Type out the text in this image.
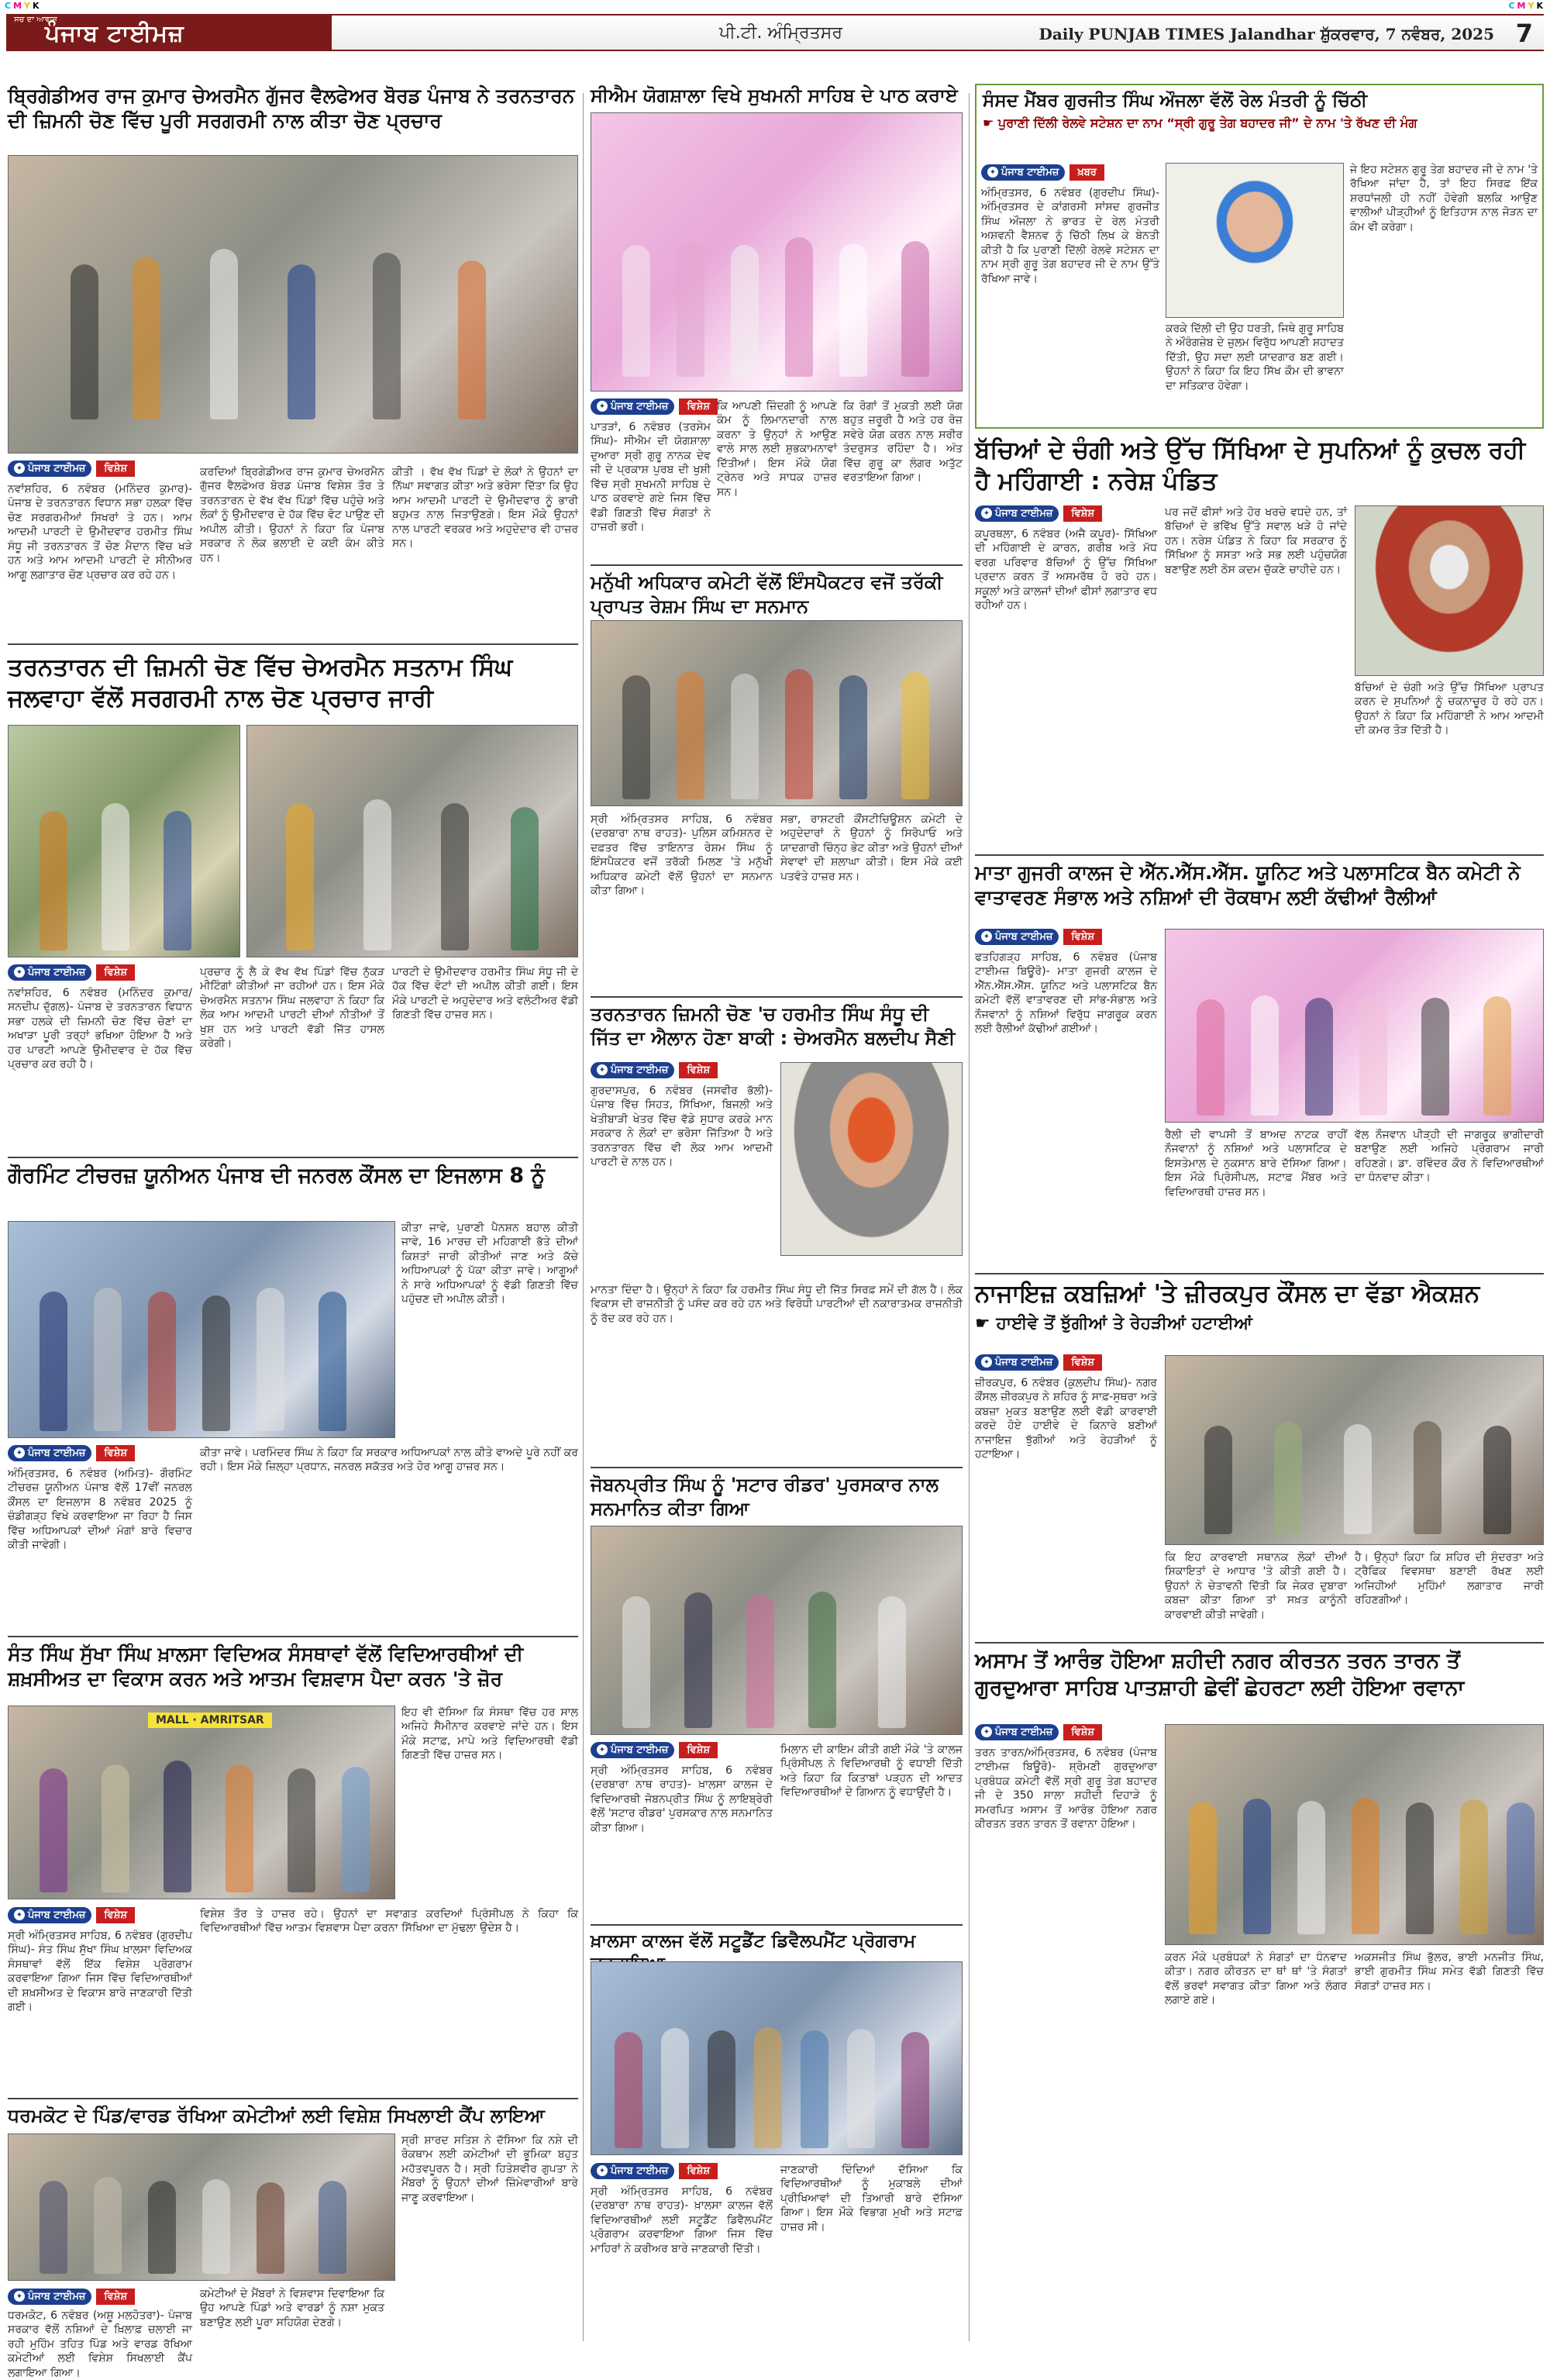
CMYK	CMYK
ਸਚ ਦਾ ਆਵਾਜ਼
ਪੰਜਾਬ ਟਾਈਮਜ਼	ਪੀ.ਟੀ. ਅੰਮ੍ਰਿਤਸਰ	Daily PUNJAB TIMES Jalandhar ਸ਼ੁੱਕਰਵਾਰ, 7 ਨਵੰਬਰ, 2025 7
ਬ੍ਰਿਗੇਡੀਅਰ ਰਾਜ ਕੁਮਾਰ ਚੇਅਰਮੈਨ ਗੁੱਜਰ ਵੈਲਫੇਅਰ ਬੋਰਡ ਪੰਜਾਬ ਨੇ ਤਰਨਤਾਰਨ ਦੀ ਜ਼ਿਮਨੀ ਚੋਣ ਵਿੱਚ ਪੂਰੀ ਸਰਗਰਮੀ ਨਾਲ ਕੀਤਾ ਚੋਣ ਪ੍ਰਚਾਰ
✦ ਪੰਜਾਬ ਟਾਈਮਜ਼	ਵਿਸ਼ੇਸ਼
ਨਵਾਂਸ਼ਹਿਰ, 6 ਨਵੰਬਰ (ਮਨਿੰਦਰ ਕੁਮਾਰ)- ਪੰਜਾਬ ਦੇ ਤਰਨਤਾਰਨ ਵਿਧਾਨ ਸਭਾ ਹਲਕਾ ਵਿੱਚ ਚੋਣ ਸਰਗਰਮੀਆਂ ਸਿਖਰਾਂ ਤੇ ਹਨ। ਆਮ ਆਦਮੀ ਪਾਰਟੀ ਦੇ ਉਮੀਦਵਾਰ ਹਰਮੀਤ ਸਿੰਘ ਸੰਧੂ ਜੀ ਤਰਨਤਾਰਨ ਤੋਂ ਚੋਣ ਮੈਦਾਨ ਵਿੱਚ ਖੜੇ ਹਨ ਅਤੇ ਆਮ ਆਦਮੀ ਪਾਰਟੀ ਦੇ ਸੀਨੀਅਰ ਆਗੂ ਲਗਾਤਾਰ ਚੋਣ ਪ੍ਰਚਾਰ ਕਰ ਰਹੇ ਹਨ।
ਕਰਦਿਆਂ ਬ੍ਰਿਗੇਡੀਅਰ ਰਾਜ ਕੁਮਾਰ ਚੇਅਰਮੈਨ ਗੁੱਜਰ ਵੈਲਫੇਅਰ ਬੋਰਡ ਪੰਜਾਬ ਵਿਸ਼ੇਸ਼ ਤੌਰ ਤੇ ਤਰਨਤਾਰਨ ਦੇ ਵੱਖ ਵੱਖ ਪਿੰਡਾਂ ਵਿੱਚ ਪਹੁੰਚੇ ਅਤੇ ਲੋਕਾਂ ਨੂੰ ਉਮੀਦਵਾਰ ਦੇ ਹੱਕ ਵਿੱਚ ਵੋਟ ਪਾਉਣ ਦੀ ਅਪੀਲ ਕੀਤੀ। ਉਹਨਾਂ ਨੇ ਕਿਹਾ ਕਿ ਪੰਜਾਬ ਸਰਕਾਰ ਨੇ ਲੋਕ ਭਲਾਈ ਦੇ ਕਈ ਕੰਮ ਕੀਤੇ ਹਨ।
ਕੀਤੀ । ਵੱਖ ਵੱਖ ਪਿੰਡਾਂ ਦੇ ਲੋਕਾਂ ਨੇ ਉਹਨਾਂ ਦਾ ਨਿੱਘਾ ਸਵਾਗਤ ਕੀਤਾ ਅਤੇ ਭਰੋਸਾ ਦਿੱਤਾ ਕਿ ਉਹ ਆਮ ਆਦਮੀ ਪਾਰਟੀ ਦੇ ਉਮੀਦਵਾਰ ਨੂੰ ਭਾਰੀ ਬਹੁਮਤ ਨਾਲ ਜਿਤਾਉਣਗੇ। ਇਸ ਮੌਕੇ ਉਹਨਾਂ ਨਾਲ ਪਾਰਟੀ ਵਰਕਰ ਅਤੇ ਅਹੁਦੇਦਾਰ ਵੀ ਹਾਜ਼ਰ ਸਨ।
ਤਰਨਤਾਰਨ ਦੀ ਜ਼ਿਮਨੀ ਚੋਣ ਵਿੱਚ ਚੇਅਰਮੈਨ ਸਤਨਾਮ ਸਿੰਘ ਜਲਵਾਹਾ ਵੱਲੋਂ ਸਰਗਰਮੀ ਨਾਲ ਚੋਣ ਪ੍ਰਚਾਰ ਜਾਰੀ
✦ ਪੰਜਾਬ ਟਾਈਮਜ਼	ਵਿਸ਼ੇਸ਼
ਨਵਾਂਸ਼ਹਿਰ, 6 ਨਵੰਬਰ (ਮਨਿੰਦਰ ਕੁਮਾਰ/ਸਨਦੀਪ ਦੁੱਗਲ)- ਪੰਜਾਬ ਦੇ ਤਰਨਤਾਰਨ ਵਿਧਾਨ ਸਭਾ ਹਲਕੇ ਦੀ ਜ਼ਿਮਨੀ ਚੋਣ ਵਿੱਚ ਚੋਣਾਂ ਦਾ ਅਖਾੜਾ ਪੂਰੀ ਤਰ੍ਹਾਂ ਭਖਿਆ ਹੋਇਆ ਹੈ ਅਤੇ ਹਰ ਪਾਰਟੀ ਆਪਣੇ ਉਮੀਦਵਾਰ ਦੇ ਹੱਕ ਵਿੱਚ ਪ੍ਰਚਾਰ ਕਰ ਰਹੀ ਹੈ।
ਪ੍ਰਚਾਰ ਨੂੰ ਲੈ ਕੇ ਵੱਖ ਵੱਖ ਪਿੰਡਾਂ ਵਿੱਚ ਨੁੱਕੜ ਮੀਟਿੰਗਾਂ ਕੀਤੀਆਂ ਜਾ ਰਹੀਆਂ ਹਨ। ਇਸ ਮੌਕੇ ਚੇਅਰਮੈਨ ਸਤਨਾਮ ਸਿੰਘ ਜਲਵਾਹਾ ਨੇ ਕਿਹਾ ਕਿ ਲੋਕ ਆਮ ਆਦਮੀ ਪਾਰਟੀ ਦੀਆਂ ਨੀਤੀਆਂ ਤੋਂ ਖੁਸ਼ ਹਨ ਅਤੇ ਪਾਰਟੀ ਵੱਡੀ ਜਿੱਤ ਹਾਸਲ ਕਰੇਗੀ।
ਪਾਰਟੀ ਦੇ ਉਮੀਦਵਾਰ ਹਰਮੀਤ ਸਿੰਘ ਸੰਧੂ ਜੀ ਦੇ ਹੱਕ ਵਿੱਚ ਵੋਟਾਂ ਦੀ ਅਪੀਲ ਕੀਤੀ ਗਈ। ਇਸ ਮੌਕੇ ਪਾਰਟੀ ਦੇ ਅਹੁਦੇਦਾਰ ਅਤੇ ਵਲੰਟੀਅਰ ਵੱਡੀ ਗਿਣਤੀ ਵਿੱਚ ਹਾਜ਼ਰ ਸਨ।
ਗੌਰਮਿੰਟ ਟੀਚਰਜ਼ ਯੂਨੀਅਨ ਪੰਜਾਬ ਦੀ ਜਨਰਲ ਕੌਂਸਲ ਦਾ ਇਜਲਾਸ 8 ਨੂੰ
ਕੀਤਾ ਜਾਵੇ, ਪੁਰਾਣੀ ਪੈਨਸ਼ਨ ਬਹਾਲ ਕੀਤੀ ਜਾਵੇ, 16 ਮਾਰਚ ਦੀ ਮਹਿਗਾਈ ਭੱਤੇ ਦੀਆਂ ਕਿਸ਼ਤਾਂ ਜਾਰੀ ਕੀਤੀਆਂ ਜਾਣ ਅਤੇ ਕੱਚੇ ਅਧਿਆਪਕਾਂ ਨੂੰ ਪੱਕਾ ਕੀਤਾ ਜਾਵੇ। ਆਗੂਆਂ ਨੇ ਸਾਰੇ ਅਧਿਆਪਕਾਂ ਨੂੰ ਵੱਡੀ ਗਿਣਤੀ ਵਿੱਚ ਪਹੁੰਚਣ ਦੀ ਅਪੀਲ ਕੀਤੀ।
✦ ਪੰਜਾਬ ਟਾਈਮਜ਼	ਵਿਸ਼ੇਸ਼
ਅੰਮ੍ਰਿਤਸਰ, 6 ਨਵੰਬਰ (ਅਮਿਤ)- ਗੌਰਮਿੰਟ ਟੀਚਰਜ਼ ਯੂਨੀਅਨ ਪੰਜਾਬ ਵੱਲੋਂ 17ਵੀਂ ਜਨਰਲ ਕੌਂਸਲ ਦਾ ਇਜਲਾਸ 8 ਨਵੰਬਰ 2025 ਨੂੰ ਚੰਡੀਗੜ੍ਹ ਵਿਖੇ ਕਰਵਾਇਆ ਜਾ ਰਿਹਾ ਹੈ ਜਿਸ ਵਿੱਚ ਅਧਿਆਪਕਾਂ ਦੀਆਂ ਮੰਗਾਂ ਬਾਰੇ ਵਿਚਾਰ ਕੀਤੀ ਜਾਵੇਗੀ।
ਕੀਤਾ ਜਾਵੇ। ਪਰਮਿੰਦਰ ਸਿੰਘ ਨੇ ਕਿਹਾ ਕਿ ਸਰਕਾਰ ਅਧਿਆਪਕਾਂ ਨਾਲ ਕੀਤੇ ਵਾਅਦੇ ਪੂਰੇ ਨਹੀਂ ਕਰ ਰਹੀ। ਇਸ ਮੌਕੇ ਜ਼ਿਲ੍ਹਾ ਪ੍ਰਧਾਨ, ਜਨਰਲ ਸਕੱਤਰ ਅਤੇ ਹੋਰ ਆਗੂ ਹਾਜ਼ਰ ਸਨ।
ਸੰਤ ਸਿੰਘ ਸੁੱਖਾ ਸਿੰਘ ਖ਼ਾਲਸਾ ਵਿਦਿਅਕ ਸੰਸਥਾਵਾਂ ਵੱਲੋਂ ਵਿਦਿਆਰਥੀਆਂ ਦੀ ਸ਼ਖ਼ਸੀਅਤ ਦਾ ਵਿਕਾਸ ਕਰਨ ਅਤੇ ਆਤਮ ਵਿਸ਼ਵਾਸ ਪੈਦਾ ਕਰਨ 'ਤੇ ਜ਼ੋਰ
MALL · AMRITSAR
ਇਹ ਵੀ ਦੱਸਿਆ ਕਿ ਸੰਸਥਾ ਵਿੱਚ ਹਰ ਸਾਲ ਅਜਿਹੇ ਸੈਮੀਨਾਰ ਕਰਵਾਏ ਜਾਂਦੇ ਹਨ। ਇਸ ਮੌਕੇ ਸਟਾਫ਼, ਮਾਪੇ ਅਤੇ ਵਿਦਿਆਰਥੀ ਵੱਡੀ ਗਿਣਤੀ ਵਿੱਚ ਹਾਜ਼ਰ ਸਨ।
✦ ਪੰਜਾਬ ਟਾਈਮਜ਼	ਵਿਸ਼ੇਸ਼
ਸ੍ਰੀ ਅੰਮ੍ਰਿਤਸਰ ਸਾਹਿਬ, 6 ਨਵੰਬਰ (ਗੁਰਦੀਪ ਸਿੰਘ)- ਸੰਤ ਸਿੰਘ ਸੁੱਖਾ ਸਿੰਘ ਖ਼ਾਲਸਾ ਵਿਦਿਅਕ ਸੰਸਥਾਵਾਂ ਵੱਲੋਂ ਇੱਕ ਵਿਸ਼ੇਸ਼ ਪ੍ਰੋਗਰਾਮ ਕਰਵਾਇਆ ਗਿਆ ਜਿਸ ਵਿੱਚ ਵਿਦਿਆਰਥੀਆਂ ਦੀ ਸ਼ਖ਼ਸੀਅਤ ਦੇ ਵਿਕਾਸ ਬਾਰੇ ਜਾਣਕਾਰੀ ਦਿੱਤੀ ਗਈ।
ਵਿਸ਼ੇਸ਼ ਤੌਰ ਤੇ ਹਾਜ਼ਰ ਰਹੇ। ਉਹਨਾਂ ਦਾ ਸਵਾਗਤ ਕਰਦਿਆਂ ਪ੍ਰਿੰਸੀਪਲ ਨੇ ਕਿਹਾ ਕਿ ਵਿਦਿਆਰਥੀਆਂ ਵਿੱਚ ਆਤਮ ਵਿਸ਼ਵਾਸ ਪੈਦਾ ਕਰਨਾ ਸਿੱਖਿਆ ਦਾ ਮੁੱਢਲਾ ਉਦੇਸ਼ ਹੈ।
ਧਰਮਕੋਟ ਦੇ ਪਿੰਡ/ਵਾਰਡ ਰੱਖਿਆ ਕਮੇਟੀਆਂ ਲਈ ਵਿਸ਼ੇਸ਼ ਸਿਖਲਾਈ ਕੈਂਪ ਲਾਇਆ
ਸ੍ਰੀ ਸ਼ਾਰਦ ਸਤਿਸ਼ ਨੇ ਦੱਸਿਆ ਕਿ ਨਸ਼ੇ ਦੀ ਰੋਕਥਾਮ ਲਈ ਕਮੇਟੀਆਂ ਦੀ ਭੂਮਿਕਾ ਬਹੁਤ ਮਹੱਤਵਪੂਰਨ ਹੈ। ਸ੍ਰੀ ਹਿਤੇਸ਼ਵੀਰ ਗੁਪਤਾ ਨੇ ਮੈਂਬਰਾਂ ਨੂੰ ਉਹਨਾਂ ਦੀਆਂ ਜ਼ਿੰਮੇਵਾਰੀਆਂ ਬਾਰੇ ਜਾਣੂ ਕਰਵਾਇਆ।
✦ ਪੰਜਾਬ ਟਾਈਮਜ਼	ਵਿਸ਼ੇਸ਼
ਧਰਮਕੋਟ, 6 ਨਵੰਬਰ (ਅਸ਼ੂ ਮਲਹੋਤਰਾ)- ਪੰਜਾਬ ਸਰਕਾਰ ਵੱਲੋਂ ਨਸ਼ਿਆਂ ਦੇ ਖ਼ਿਲਾਫ਼ ਚਲਾਈ ਜਾ ਰਹੀ ਮੁਹਿੰਮ ਤਹਿਤ ਪਿੰਡ ਅਤੇ ਵਾਰਡ ਰੱਖਿਆ ਕਮੇਟੀਆਂ ਲਈ ਵਿਸ਼ੇਸ਼ ਸਿਖਲਾਈ ਕੈਂਪ ਲਗਾਇਆ ਗਿਆ।
ਕਮੇਟੀਆਂ ਦੇ ਮੈਂਬਰਾਂ ਨੇ ਵਿਸ਼ਵਾਸ ਦਿਵਾਇਆ ਕਿ ਉਹ ਆਪਣੇ ਪਿੰਡਾਂ ਅਤੇ ਵਾਰਡਾਂ ਨੂੰ ਨਸ਼ਾ ਮੁਕਤ ਬਣਾਉਣ ਲਈ ਪੂਰਾ ਸਹਿਯੋਗ ਦੇਣਗੇ।
ਸੀਐਮ ਯੋਗਸ਼ਾਲਾ ਵਿਖੇ ਸੁਖਮਨੀ ਸਾਹਿਬ ਦੇ ਪਾਠ ਕਰਾਏ
✦ ਪੰਜਾਬ ਟਾਈਮਜ਼	ਵਿਸ਼ੇਸ਼
ਪਾਤੜਾਂ, 6 ਨਵੰਬਰ (ਤਰਸੇਮ ਸਿੰਘ)- ਸੀਐਮ ਦੀ ਯੋਗਸ਼ਾਲਾ ਦੁਆਰਾ ਸ੍ਰੀ ਗੁਰੂ ਨਾਨਕ ਦੇਵ ਜੀ ਦੇ ਪ੍ਰਕਾਸ਼ ਪੁਰਬ ਦੀ ਖੁਸ਼ੀ ਵਿੱਚ ਸ੍ਰੀ ਸੁਖਮਨੀ ਸਾਹਿਬ ਦੇ ਪਾਠ ਕਰਵਾਏ ਗਏ ਜਿਸ ਵਿੱਚ ਵੱਡੀ ਗਿਣਤੀ ਵਿੱਚ ਸੰਗਤਾਂ ਨੇ ਹਾਜ਼ਰੀ ਭਰੀ।
ਕਿ ਆਪਣੀ ਜ਼ਿੰਦਗੀ ਨੂੰ ਆਪਣੇ ਕੰਮ ਨੂੰ ਲਿਮਾਨਦਾਰੀ ਨਾਲ ਕਰਨਾ ਤੇ ਉਨ੍ਹਾਂ ਨੇ ਆਉਣ ਵਾਲੇ ਸਾਲ ਲਈ ਸ਼ੁਭਕਾਮਨਾਵਾਂ ਦਿੱਤੀਆਂ। ਇਸ ਮੌਕੇ ਯੋਗ ਟ੍ਰੇਨਰ ਅਤੇ ਸਾਧਕ ਹਾਜ਼ਰ ਸਨ।
ਕਿ ਰੋਗਾਂ ਤੋਂ ਮੁਕਤੀ ਲਈ ਯੋਗ ਬਹੁਤ ਜ਼ਰੂਰੀ ਹੈ ਅਤੇ ਹਰ ਰੋਜ਼ ਸਵੇਰੇ ਯੋਗ ਕਰਨ ਨਾਲ ਸਰੀਰ ਤੰਦਰੁਸਤ ਰਹਿੰਦਾ ਹੈ। ਅੰਤ ਵਿੱਚ ਗੁਰੂ ਕਾ ਲੰਗਰ ਅਤੁੱਟ ਵਰਤਾਇਆ ਗਿਆ।
ਮਨੁੱਖੀ ਅਧਿਕਾਰ ਕਮੇਟੀ ਵੱਲੋਂ ਇੰਸਪੈਕਟਰ ਵਜੋਂ ਤਰੱਕੀ ਪ੍ਰਾਪਤ ਰੇਸ਼ਮ ਸਿੰਘ ਦਾ ਸਨਮਾਨ
ਸ੍ਰੀ ਅੰਮ੍ਰਿਤਸਰ ਸਾਹਿਬ, 6 ਨਵੰਬਰ (ਦਰਬਾਰਾ ਨਾਥ ਰਾਹਤ)- ਪੁਲਿਸ ਕਮਿਸ਼ਨਰ ਦੇ ਦਫ਼ਤਰ ਵਿੱਚ ਤਾਇਨਾਤ ਰੇਸ਼ਮ ਸਿੰਘ ਨੂੰ ਇੰਸਪੈਕਟਰ ਵਜੋਂ ਤਰੱਕੀ ਮਿਲਣ 'ਤੇ ਮਨੁੱਖੀ ਅਧਿਕਾਰ ਕਮੇਟੀ ਵੱਲੋਂ ਉਹਨਾਂ ਦਾ ਸਨਮਾਨ ਕੀਤਾ ਗਿਆ।
ਸਭਾ, ਰਾਸ਼ਟਰੀ ਕੌਂਸਟੀਚਿਊਸ਼ਨ ਕਮੇਟੀ ਦੇ ਅਹੁਦੇਦਾਰਾਂ ਨੇ ਉਹਨਾਂ ਨੂੰ ਸਿਰੋਪਾਓ ਅਤੇ ਯਾਦਗਾਰੀ ਚਿੰਨ੍ਹ ਭੇਟ ਕੀਤਾ ਅਤੇ ਉਹਨਾਂ ਦੀਆਂ ਸੇਵਾਵਾਂ ਦੀ ਸ਼ਲਾਘਾ ਕੀਤੀ। ਇਸ ਮੌਕੇ ਕਈ ਪਤਵੰਤੇ ਹਾਜ਼ਰ ਸਨ।
ਤਰਨਤਾਰਨ ਜ਼ਿਮਨੀ ਚੋਣ 'ਚ ਹਰਮੀਤ ਸਿੰਘ ਸੰਧੂ ਦੀ ਜਿੱਤ ਦਾ ਐਲਾਨ ਹੋਣਾ ਬਾਕੀ : ਚੇਅਰਮੈਨ ਬਲਦੀਪ ਸੈਣੀ
✦ ਪੰਜਾਬ ਟਾਈਮਜ਼	ਵਿਸ਼ੇਸ਼
ਗੁਰਦਾਸਪੁਰ, 6 ਨਵੰਬਰ (ਜਸਵੀਰ ਭੱਲੀ)- ਪੰਜਾਬ ਵਿੱਚ ਸਿਹਤ, ਸਿੱਖਿਆ, ਬਿਜਲੀ ਅਤੇ ਖੇਤੀਬਾੜੀ ਖੇਤਰ ਵਿੱਚ ਵੱਡੇ ਸੁਧਾਰ ਕਰਕੇ ਮਾਨ ਸਰਕਾਰ ਨੇ ਲੋਕਾਂ ਦਾ ਭਰੋਸਾ ਜਿੱਤਿਆ ਹੈ ਅਤੇ ਤਰਨਤਾਰਨ ਵਿੱਚ ਵੀ ਲੋਕ ਆਮ ਆਦਮੀ ਪਾਰਟੀ ਦੇ ਨਾਲ ਹਨ।
ਮਾਨਤਾ ਦਿੰਦਾ ਹੈ। ਉਨ੍ਹਾਂ ਨੇ ਕਿਹਾ ਕਿ ਹਰਮੀਤ ਸਿੰਘ ਸੰਧੂ ਦੀ ਜਿੱਤ ਸਿਰਫ਼ ਸਮੇਂ ਦੀ ਗੱਲ ਹੈ। ਲੋਕ ਵਿਕਾਸ ਦੀ ਰਾਜਨੀਤੀ ਨੂੰ ਪਸੰਦ ਕਰ ਰਹੇ ਹਨ ਅਤੇ ਵਿਰੋਧੀ ਪਾਰਟੀਆਂ ਦੀ ਨਕਾਰਾਤਮਕ ਰਾਜਨੀਤੀ ਨੂੰ ਰੱਦ ਕਰ ਰਹੇ ਹਨ।
ਜੋਬਨਪ੍ਰੀਤ ਸਿੰਘ ਨੂੰ 'ਸਟਾਰ ਰੀਡਰ' ਪੁਰਸਕਾਰ ਨਾਲ ਸਨਮਾਨਿਤ ਕੀਤਾ ਗਿਆ
✦ ਪੰਜਾਬ ਟਾਈਮਜ਼	ਵਿਸ਼ੇਸ਼
ਸ੍ਰੀ ਅੰਮ੍ਰਿਤਸਰ ਸਾਹਿਬ, 6 ਨਵੰਬਰ (ਦਰਬਾਰਾ ਨਾਥ ਰਾਹਤ)- ਖ਼ਾਲਸਾ ਕਾਲਜ ਦੇ ਵਿਦਿਆਰਥੀ ਜੋਬਨਪ੍ਰੀਤ ਸਿੰਘ ਨੂੰ ਲਾਇਬ੍ਰੇਰੀ ਵੱਲੋਂ 'ਸਟਾਰ ਰੀਡਰ' ਪੁਰਸਕਾਰ ਨਾਲ ਸਨਮਾਨਿਤ ਕੀਤਾ ਗਿਆ।
ਮਿਲਾਨ ਦੀ ਕਾਇਮ ਕੀਤੀ ਗਈ ਮੌਕੇ 'ਤੇ ਕਾਲਜ ਪ੍ਰਿੰਸੀਪਲ ਨੇ ਵਿਦਿਆਰਥੀ ਨੂੰ ਵਧਾਈ ਦਿੱਤੀ ਅਤੇ ਕਿਹਾ ਕਿ ਕਿਤਾਬਾਂ ਪੜ੍ਹਨ ਦੀ ਆਦਤ ਵਿਦਿਆਰਥੀਆਂ ਦੇ ਗਿਆਨ ਨੂੰ ਵਧਾਉਂਦੀ ਹੈ।
ਖ਼ਾਲਸਾ ਕਾਲਜ ਵੱਲੋਂ ਸਟੂਡੈਂਟ ਡਿਵੈਲਪਮੈਂਟ ਪ੍ਰੋਗਰਾਮ
✦ ਪੰਜਾਬ ਟਾਈਮਜ਼	ਵਿਸ਼ੇਸ਼
ਸ੍ਰੀ ਅੰਮ੍ਰਿਤਸਰ ਸਾਹਿਬ, 6 ਨਵੰਬਰ (ਦਰਬਾਰਾ ਨਾਥ ਰਾਹਤ)- ਖ਼ਾਲਸਾ ਕਾਲਜ ਵੱਲੋਂ ਵਿਦਿਆਰਥੀਆਂ ਲਈ ਸਟੂਡੈਂਟ ਡਿਵੈਲਪਮੈਂਟ ਪ੍ਰੋਗਰਾਮ ਕਰਵਾਇਆ ਗਿਆ ਜਿਸ ਵਿੱਚ ਮਾਹਿਰਾਂ ਨੇ ਕਰੀਅਰ ਬਾਰੇ ਜਾਣਕਾਰੀ ਦਿੱਤੀ।
ਜਾਣਕਾਰੀ ਦਿੰਦਿਆਂ ਦੱਸਿਆ ਕਿ ਵਿਦਿਆਰਥੀਆਂ ਨੂੰ ਮੁਕਾਬਲੇ ਦੀਆਂ ਪ੍ਰੀਖਿਆਵਾਂ ਦੀ ਤਿਆਰੀ ਬਾਰੇ ਦੱਸਿਆ ਗਿਆ। ਇਸ ਮੌਕੇ ਵਿਭਾਗ ਮੁਖੀ ਅਤੇ ਸਟਾਫ਼ ਹਾਜ਼ਰ ਸੀ।
ਸੰਸਦ ਮੈਂਬਰ ਗੁਰਜੀਤ ਸਿੰਘ ਔਜਲਾ ਵੱਲੋਂ ਰੇਲ ਮੰਤਰੀ ਨੂੰ ਚਿੱਠੀ
☛ ਪੁਰਾਣੀ ਦਿੱਲੀ ਰੇਲਵੇ ਸਟੇਸ਼ਨ ਦਾ ਨਾਮ “ਸ੍ਰੀ ਗੁਰੂ ਤੇਗ ਬਹਾਦਰ ਜੀ” ਦੇ ਨਾਮ 'ਤੇ ਰੱਖਣ ਦੀ ਮੰਗ
✦ ਪੰਜਾਬ ਟਾਈਮਜ਼	ਖ਼ਬਰ
ਅੰਮ੍ਰਿਤਸਰ, 6 ਨਵੰਬਰ (ਗੁਰਦੀਪ ਸਿੰਘ)- ਅੰਮ੍ਰਿਤਸਰ ਦੇ ਕਾਂਗਰਸੀ ਸਾਂਸਦ ਗੁਰਜੀਤ ਸਿੰਘ ਔਜਲਾ ਨੇ ਭਾਰਤ ਦੇ ਰੇਲ ਮੰਤਰੀ ਅਸ਼ਵਨੀ ਵੈਸ਼ਨਵ ਨੂੰ ਚਿੱਠੀ ਲਿਖ ਕੇ ਬੇਨਤੀ ਕੀਤੀ ਹੈ ਕਿ ਪੁਰਾਣੀ ਦਿੱਲੀ ਰੇਲਵੇ ਸਟੇਸ਼ਨ ਦਾ ਨਾਮ ਸ੍ਰੀ ਗੁਰੂ ਤੇਗ ਬਹਾਦਰ ਜੀ ਦੇ ਨਾਮ ਉੱਤੇ ਰੱਖਿਆ ਜਾਵੇ।
ਕਰਕੇ ਦਿੱਲੀ ਦੀ ਉਹ ਧਰਤੀ, ਜਿਥੇ ਗੁਰੂ ਸਾਹਿਬ ਨੇ ਔਰੰਗਜ਼ੇਬ ਦੇ ਜ਼ੁਲਮ ਵਿਰੁੱਧ ਆਪਣੀ ਸ਼ਹਾਦਤ ਦਿੱਤੀ, ਉਹ ਸਦਾ ਲਈ ਯਾਦਗਾਰ ਬਣ ਗਈ। ਉਹਨਾਂ ਨੇ ਕਿਹਾ ਕਿ ਇਹ ਸਿੱਖ ਕੌਮ ਦੀ ਭਾਵਨਾ ਦਾ ਸਤਿਕਾਰ ਹੋਵੇਗਾ।
ਜੇ ਇਹ ਸਟੇਸ਼ਨ ਗੁਰੂ ਤੇਗ ਬਹਾਦਰ ਜੀ ਦੇ ਨਾਮ 'ਤੇ ਰੱਖਿਆ ਜਾਂਦਾ ਹੈ, ਤਾਂ ਇਹ ਸਿਰਫ਼ ਇੱਕ ਸ਼ਰਧਾਂਜਲੀ ਹੀ ਨਹੀਂ ਹੋਵੇਗੀ ਬਲਕਿ ਆਉਣ ਵਾਲੀਆਂ ਪੀੜ੍ਹੀਆਂ ਨੂੰ ਇਤਿਹਾਸ ਨਾਲ ਜੋੜਨ ਦਾ ਕੰਮ ਵੀ ਕਰੇਗਾ।
ਬੱਚਿਆਂ ਦੇ ਚੰਗੀ ਅਤੇ ਉੱਚ ਸਿੱਖਿਆ ਦੇ ਸੁਪਨਿਆਂ ਨੂੰ ਕੁਚਲ ਰਹੀ ਹੈ ਮਹਿੰਗਾਈ : ਨਰੇਸ਼ ਪੰਡਿਤ
✦ ਪੰਜਾਬ ਟਾਈਮਜ਼	ਵਿਸ਼ੇਸ਼
ਕਪੂਰਥਲਾ, 6 ਨਵੰਬਰ (ਅਜੈ ਕਪੂਰ)- ਸਿੱਖਿਆ ਦੀ ਮਹਿੰਗਾਈ ਦੇ ਕਾਰਨ, ਗਰੀਬ ਅਤੇ ਮੱਧ ਵਰਗ ਪਰਿਵਾਰ ਬੱਚਿਆਂ ਨੂੰ ਉੱਚ ਸਿੱਖਿਆ ਪ੍ਰਦਾਨ ਕਰਨ ਤੋਂ ਅਸਮਰੱਥ ਹੋ ਰਹੇ ਹਨ। ਸਕੂਲਾਂ ਅਤੇ ਕਾਲਜਾਂ ਦੀਆਂ ਫੀਸਾਂ ਲਗਾਤਾਰ ਵਧ ਰਹੀਆਂ ਹਨ।
ਪਰ ਜਦੋਂ ਫੀਸਾਂ ਅਤੇ ਹੋਰ ਖਰਚੇ ਵਧਦੇ ਹਨ, ਤਾਂ ਬੱਚਿਆਂ ਦੇ ਭਵਿੱਖ ਉੱਤੇ ਸਵਾਲ ਖੜੇ ਹੋ ਜਾਂਦੇ ਹਨ। ਨਰੇਸ਼ ਪੰਡਿਤ ਨੇ ਕਿਹਾ ਕਿ ਸਰਕਾਰ ਨੂੰ ਸਿੱਖਿਆ ਨੂੰ ਸਸਤਾ ਅਤੇ ਸਭ ਲਈ ਪਹੁੰਚਯੋਗ ਬਣਾਉਣ ਲਈ ਠੋਸ ਕਦਮ ਚੁੱਕਣੇ ਚਾਹੀਦੇ ਹਨ।
ਬੱਚਿਆਂ ਦੇ ਚੰਗੀ ਅਤੇ ਉੱਚ ਸਿੱਖਿਆ ਪ੍ਰਾਪਤ ਕਰਨ ਦੇ ਸੁਪਨਿਆਂ ਨੂੰ ਚਕਨਾਚੂਰ ਹੋ ਰਹੇ ਹਨ। ਉਹਨਾਂ ਨੇ ਕਿਹਾ ਕਿ ਮਹਿੰਗਾਈ ਨੇ ਆਮ ਆਦਮੀ ਦੀ ਕਮਰ ਤੋੜ ਦਿੱਤੀ ਹੈ।
ਮਾਤਾ ਗੁਜਰੀ ਕਾਲਜ ਦੇ ਐੱਨ.ਐੱਸ.ਐੱਸ. ਯੂਨਿਟ ਅਤੇ ਪਲਾਸਟਿਕ ਬੈਨ ਕਮੇਟੀ ਨੇ ਵਾਤਾਵਰਣ ਸੰਭਾਲ ਅਤੇ ਨਸ਼ਿਆਂ ਦੀ ਰੋਕਥਾਮ ਲਈ ਕੱਢੀਆਂ ਰੈਲੀਆਂ
✦ ਪੰਜਾਬ ਟਾਈਮਜ਼	ਵਿਸ਼ੇਸ਼
ਫਤਹਿਗੜ੍ਹ ਸਾਹਿਬ, 6 ਨਵੰਬਰ (ਪੰਜਾਬ ਟਾਈਮਜ਼ ਬਿਊਰੋ)- ਮਾਤਾ ਗੁਜਰੀ ਕਾਲਜ ਦੇ ਐੱਨ.ਐੱਸ.ਐੱਸ. ਯੂਨਿਟ ਅਤੇ ਪਲਾਸਟਿਕ ਬੈਨ ਕਮੇਟੀ ਵੱਲੋਂ ਵਾਤਾਵਰਣ ਦੀ ਸਾਂਭ-ਸੰਭਾਲ ਅਤੇ ਨੌਜਵਾਨਾਂ ਨੂੰ ਨਸ਼ਿਆਂ ਵਿਰੁੱਧ ਜਾਗਰੂਕ ਕਰਨ ਲਈ ਰੈਲੀਆਂ ਕੱਢੀਆਂ ਗਈਆਂ।
ਰੈਲੀ ਦੀ ਵਾਪਸੀ ਤੋਂ ਬਾਅਦ ਨਾਟਕ ਰਾਹੀਂ ਨੌਜਵਾਨਾਂ ਨੂੰ ਨਸ਼ਿਆਂ ਅਤੇ ਪਲਾਸਟਿਕ ਦੇ ਇਸਤੇਮਾਲ ਦੇ ਨੁਕਸਾਨ ਬਾਰੇ ਦੱਸਿਆ ਗਿਆ। ਇਸ ਮੌਕੇ ਪ੍ਰਿੰਸੀਪਲ, ਸਟਾਫ਼ ਮੈਂਬਰ ਅਤੇ ਵਿਦਿਆਰਥੀ ਹਾਜ਼ਰ ਸਨ।
ਵੱਲ ਨੌਜਵਾਨ ਪੀੜ੍ਹੀ ਦੀ ਜਾਗਰੂਕ ਭਾਗੀਦਾਰੀ ਬਣਾਉਣ ਲਈ ਅਜਿਹੇ ਪ੍ਰੋਗਰਾਮ ਜਾਰੀ ਰਹਿਣਗੇ। ਡਾ. ਰਵਿੰਦਰ ਕੌਰ ਨੇ ਵਿਦਿਆਰਥੀਆਂ ਦਾ ਧੰਨਵਾਦ ਕੀਤਾ।
ਨਾਜਾਇਜ਼ ਕਬਜ਼ਿਆਂ 'ਤੇ ਜ਼ੀਰਕਪੁਰ ਕੌਂਸਲ ਦਾ ਵੱਡਾ ਐਕਸ਼ਨ
☛ ਹਾਈਵੇ ਤੋਂ ਝੁੱਗੀਆਂ ਤੇ ਰੇਹੜੀਆਂ ਹਟਾਈਆਂ
✦ ਪੰਜਾਬ ਟਾਈਮਜ਼	ਵਿਸ਼ੇਸ਼
ਜ਼ੀਰਕਪੁਰ, 6 ਨਵੰਬਰ (ਕੁਲਦੀਪ ਸਿੰਘ)- ਨਗਰ ਕੌਂਸਲ ਜ਼ੀਰਕਪੁਰ ਨੇ ਸ਼ਹਿਰ ਨੂੰ ਸਾਫ਼-ਸੁਥਰਾ ਅਤੇ ਕਬਜ਼ਾ ਮੁਕਤ ਬਣਾਉਣ ਲਈ ਵੱਡੀ ਕਾਰਵਾਈ ਕਰਦੇ ਹੋਏ ਹਾਈਵੇ ਦੇ ਕਿਨਾਰੇ ਬਣੀਆਂ ਨਾਜਾਇਜ਼ ਝੁੱਗੀਆਂ ਅਤੇ ਰੇਹੜੀਆਂ ਨੂੰ ਹਟਾਇਆ।
ਕਿ ਇਹ ਕਾਰਵਾਈ ਸਥਾਨਕ ਲੋਕਾਂ ਦੀਆਂ ਸ਼ਿਕਾਇਤਾਂ ਦੇ ਆਧਾਰ 'ਤੇ ਕੀਤੀ ਗਈ ਹੈ। ਉਹਨਾਂ ਨੇ ਚੇਤਾਵਨੀ ਦਿੱਤੀ ਕਿ ਜੇਕਰ ਦੁਬਾਰਾ ਕਬਜ਼ਾ ਕੀਤਾ ਗਿਆ ਤਾਂ ਸਖ਼ਤ ਕਾਨੂੰਨੀ ਕਾਰਵਾਈ ਕੀਤੀ ਜਾਵੇਗੀ।
ਹੈ। ਉਨ੍ਹਾਂ ਕਿਹਾ ਕਿ ਸ਼ਹਿਰ ਦੀ ਸੁੰਦਰਤਾ ਅਤੇ ਟ੍ਰੈਫਿਕ ਵਿਵਸਥਾ ਬਣਾਈ ਰੱਖਣ ਲਈ ਅਜਿਹੀਆਂ ਮੁਹਿੰਮਾਂ ਲਗਾਤਾਰ ਜਾਰੀ ਰਹਿਣਗੀਆਂ।
ਅਸਾਮ ਤੋਂ ਆਰੰਭ ਹੋਇਆ ਸ਼ਹੀਦੀ ਨਗਰ ਕੀਰਤਨ ਤਰਨ ਤਾਰਨ ਤੋਂ ਗੁਰਦੁਆਰਾ ਸਾਹਿਬ ਪਾਤਸ਼ਾਹੀ ਛੇਵੀਂ ਛੇਹਰਟਾ ਲਈ ਹੋਇਆ ਰਵਾਨਾ
✦ ਪੰਜਾਬ ਟਾਈਮਜ਼	ਵਿਸ਼ੇਸ਼
ਤਰਨ ਤਾਰਨ/ਅੰਮ੍ਰਿਤਸਰ, 6 ਨਵੰਬਰ (ਪੰਜਾਬ ਟਾਈਮਜ਼ ਬਿਊਰੋ)- ਸ਼੍ਰੋਮਣੀ ਗੁਰਦੁਆਰਾ ਪ੍ਰਬੰਧਕ ਕਮੇਟੀ ਵੱਲੋਂ ਸ੍ਰੀ ਗੁਰੂ ਤੇਗ ਬਹਾਦਰ ਜੀ ਦੇ 350 ਸਾਲਾ ਸ਼ਹੀਦੀ ਦਿਹਾੜੇ ਨੂੰ ਸਮਰਪਿਤ ਅਸਾਮ ਤੋਂ ਆਰੰਭ ਹੋਇਆ ਨਗਰ ਕੀਰਤਨ ਤਰਨ ਤਾਰਨ ਤੋਂ ਰਵਾਨਾ ਹੋਇਆ।
ਕਰਨ ਮੌਕੇ ਪ੍ਰਬੰਧਕਾਂ ਨੇ ਸੰਗਤਾਂ ਦਾ ਧੰਨਵਾਦ ਕੀਤਾ। ਨਗਰ ਕੀਰਤਨ ਦਾ ਥਾਂ ਥਾਂ 'ਤੇ ਸੰਗਤਾਂ ਵੱਲੋਂ ਭਰਵਾਂ ਸਵਾਗਤ ਕੀਤਾ ਗਿਆ ਅਤੇ ਲੰਗਰ ਲਗਾਏ ਗਏ।
ਅਕਸਜੀਤ ਸਿੰਘ ਭੁੱਲਰ, ਭਾਈ ਮਨਜੀਤ ਸਿੰਘ, ਭਾਈ ਗੁਰਮੀਤ ਸਿੰਘ ਸਮੇਤ ਵੱਡੀ ਗਿਣਤੀ ਵਿੱਚ ਸੰਗਤਾਂ ਹਾਜ਼ਰ ਸਨ।
